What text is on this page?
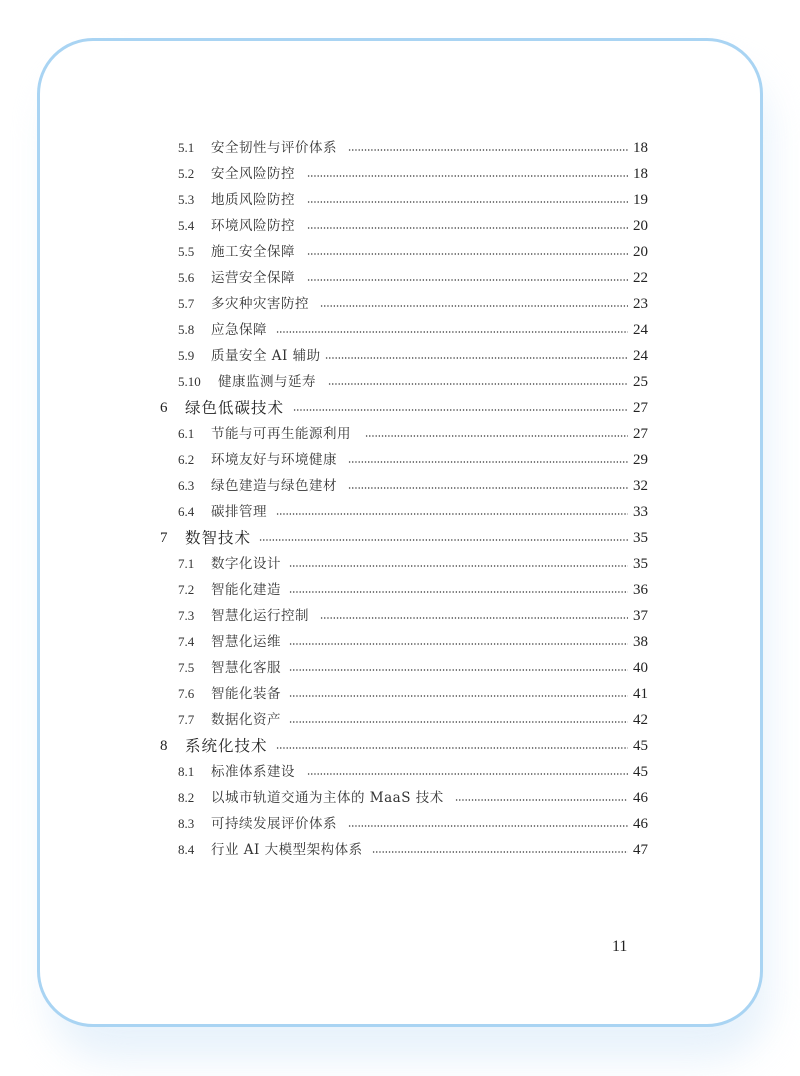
5.1 安全韧性与评价体系	18
5.2 安全风险防控	18
5.3 地质风险防控	19
5.4 环境风险防控	20
5.5 施工安全保障	20
5.6 运营安全保障	22
5.7 多灾种灾害防控	23
5.8 应急保障	24
5.9 质量安全 AI 辅助	24
5.10 健康监测与延寿	25
6 绿色低碳技术	27
6.1 节能与可再生能源利用	27
6.2 环境友好与环境健康	29
6.3 绿色建造与绿色建材	32
6.4 碳排管理	33
7 数智技术	35
7.1 数字化设计	35
7.2 智能化建造	36
7.3 智慧化运行控制	37
7.4 智慧化运维	38
7.5 智慧化客服	40
7.6 智能化装备	41
7.7 数据化资产	42
8 系统化技术	45
8.1 标准体系建设	45
8.2 以城市轨道交通为主体的 MaaS 技术	46
8.3 可持续发展评价体系	46
8.4 行业 AI 大模型架构体系	47
11
